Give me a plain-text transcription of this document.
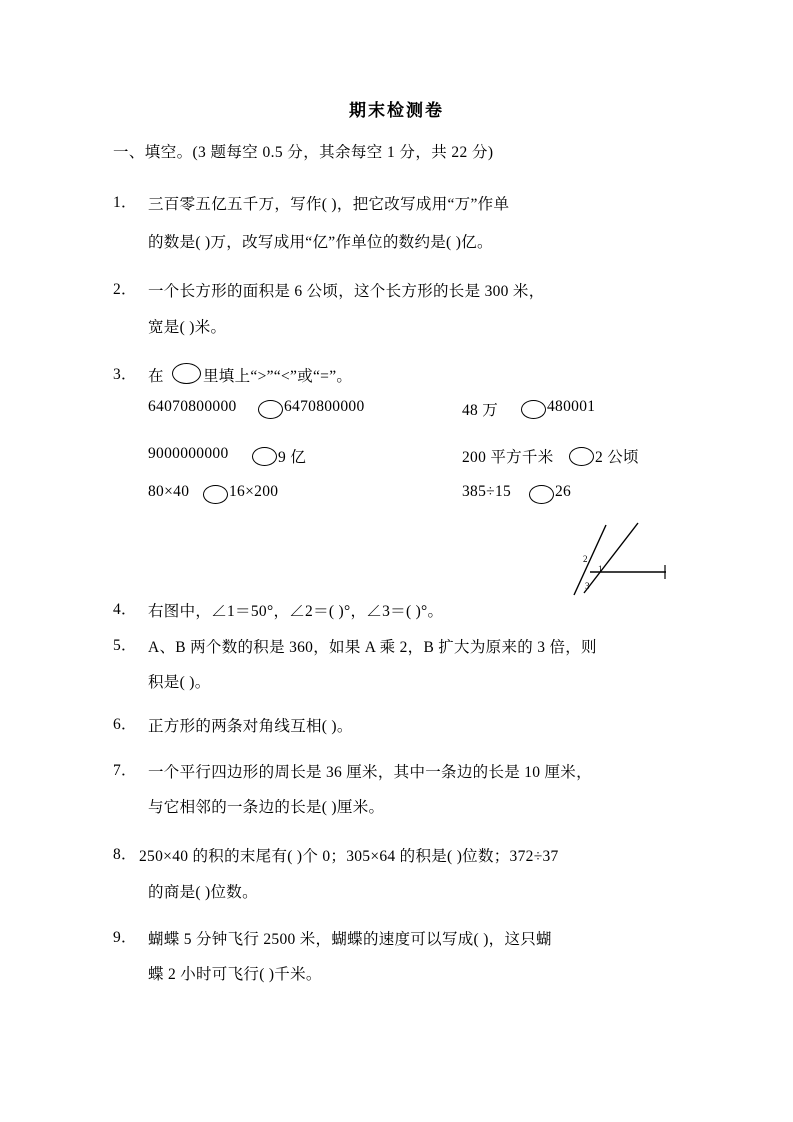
期末检测卷
一、填空。(3 题每空 0.5 分，其余每空 1 分，共 22 分)
1． 三百零五亿五千万，写作( )，把它改写成用“万”作单
的数是( )万，改写成用“亿”作单位的数约是( )亿。
2． 一个长方形的面积是 6 公顷，这个长方形的长是 300 米，
宽是( )米。
3． 在	里填上“>”“<”或“=”。
64070800000	6470800000	48 万	480001
9000000000	9 亿	200 平方千米	2 公顷
80×40	16×200	385÷15	26
2
1
3
4． 右图中，∠1＝50°，∠2＝( )°，∠3＝( )°。
5． A、B 两个数的积是 360，如果 A 乘 2，B 扩大为原来的 3 倍，则
积是( )。
6． 正方形的两条对角线互相( )。
7． 一个平行四边形的周长是 36 厘米，其中一条边的长是 10 厘米，
与它相邻的一条边的长是( )厘米。
8． 250×40 的积的末尾有( )个 0；305×64 的积是( )位数；372÷37
的商是( )位数。
9． 蝴蝶 5 分钟飞行 2500 米，蝴蝶的速度可以写成( )，这只蝴
蝶 2 小时可飞行( )千米。
